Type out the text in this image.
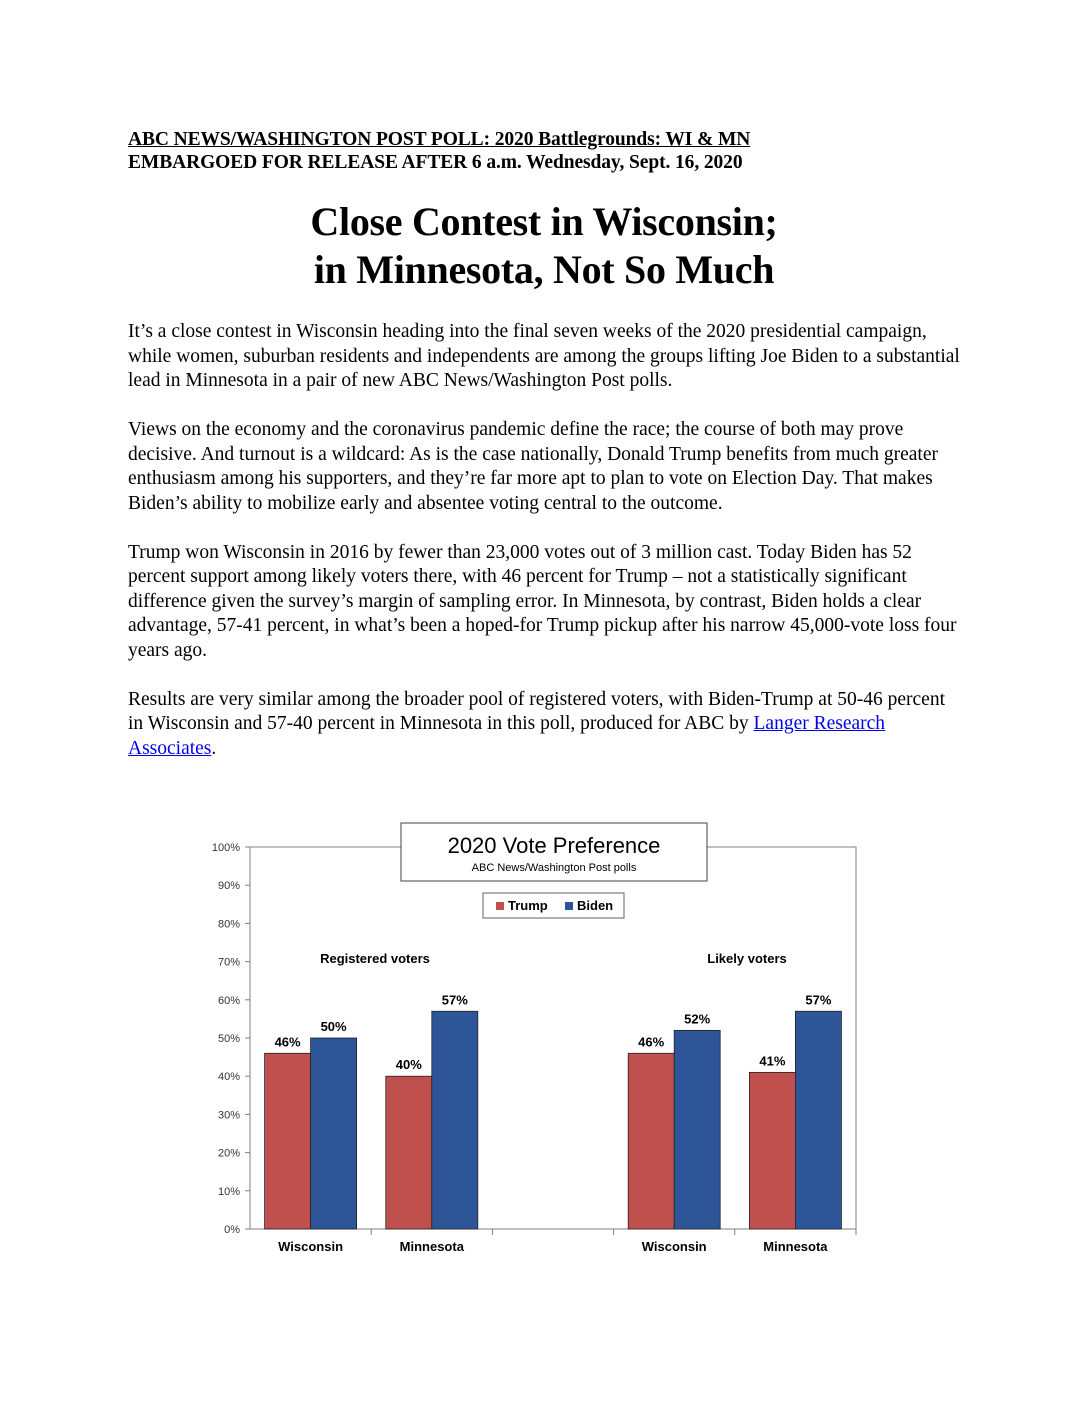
ABC NEWS/WASHINGTON POST POLL: 2020 Battlegrounds: WI & MN
EMBARGOED FOR RELEASE AFTER 6 a.m. Wednesday, Sept. 16, 2020
Close Contest in Wisconsin;
in Minnesota, Not So Much

It’s a close contest in Wisconsin heading into the final seven weeks of the 2020 presidential campaign, while women, suburban residents and independents are among the groups lifting Joe Biden to a substantial lead in Minnesota in a pair of new ABC News/Washington Post polls.

Views on the economy and the coronavirus pandemic define the race; the course of both may prove decisive. And turnout is a wildcard: As is the case nationally, Donald Trump benefits from much greater enthusiasm among his supporters, and they’re far more apt to plan to vote on Election Day. That makes Biden’s ability to mobilize early and absentee voting central to the outcome.

Trump won Wisconsin in 2016 by fewer than 23,000 votes out of 3 million cast. Today Biden has 52 percent support among likely voters there, with 46 percent for Trump – not a statistically significant difference given the survey’s margin of sampling error. In Minnesota, by contrast, Biden holds a clear advantage, 57-41 percent, in what’s been a hoped-for Trump pickup after his narrow 45,000-vote loss four years ago.

Results are very similar among the broader pool of registered voters, with Biden-Trump at 50-46 percent in Wisconsin and 57-40 percent in Minnesota in this poll, produced for ABC by Langer Research Associates.

0%
10%
20%
30%
40%
50%
60%
70%
80%
90%
100%
46%
50%
40%
57%
46%
52%
41%
57%
Wisconsin	Minnesota	Wisconsin	Minnesota
2020 Vote Preference
ABC News/Washington Post polls
Trump Biden
Registered voters	Likely voters
